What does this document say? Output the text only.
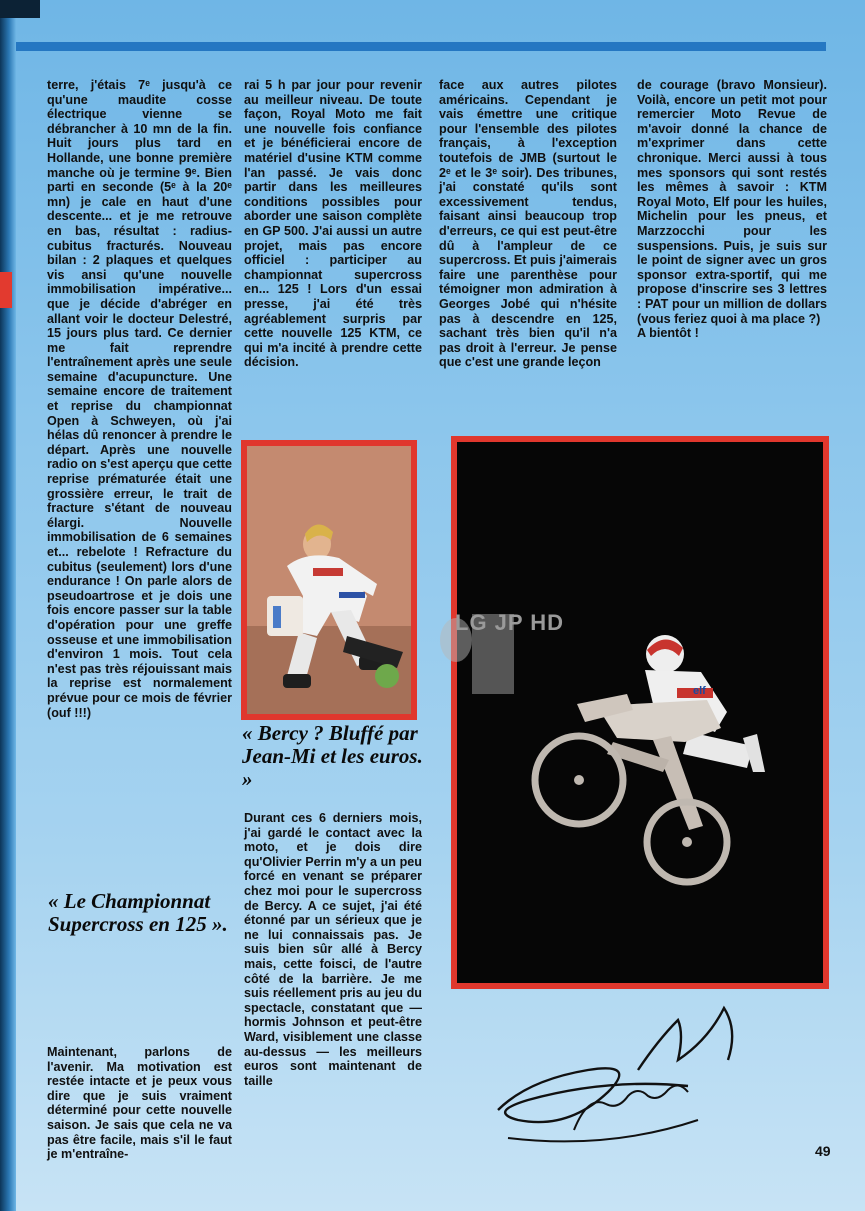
terre, j'étais 7ᵉ jusqu'à ce qu'une maudite cosse électrique vienne se débrancher à 10 mn de la fin. Huit jours plus tard en Hollande, une bonne première manche où je termine 9ᵉ. Bien parti en seconde (5ᵉ à la 20ᵉ mn) je cale en haut d'une descente... et je me retrouve en bas, résultat : radius-cubitus fracturés. Nouveau bilan : 2 plaques et quelques vis ansi qu'une nouvelle immobilisation impérative... que je décide d'abréger en allant voir le docteur Delestré, 15 jours plus tard. Ce dernier me fait reprendre l'entraînement après une seule semaine d'acupuncture. Une semaine encore de traitement et reprise du championnat Open à Schweyen, où j'ai hélas dû renoncer à prendre le départ. Après une nouvelle radio on s'est aperçu que cette reprise prématurée était une grossière erreur, le trait de fracture s'étant de nouveau élargi. Nouvelle immobilisation de 6 semaines et... rebelote ! Refracture du cubitus (seulement) lors d'une endurance ! On parle alors de pseudoartrose et je dois une fois encore passer sur la table d'opération pour une greffe osseuse et une immobilisation d'environ 1 mois. Tout cela n'est pas très réjouissant mais la reprise est normalement prévue pour ce mois de février (ouf !!!)

« Le Championnat Supercross en 125 ».

Maintenant, parlons de l'avenir. Ma motivation est restée intacte et je peux vous dire que je suis vraiment déterminé pour cette nouvelle saison. Je sais que cela ne va pas être facile, mais s'il le faut je m'entraîne-

rai 5 h par jour pour revenir au meilleur niveau. De toute façon, Royal Moto me fait une nouvelle fois confiance et je bénéficierai encore de matériel d'usine KTM comme l'an passé. Je vais donc partir dans les meilleures conditions possibles pour aborder une saison complète en GP 500. J'ai aussi un autre projet, mais pas encore officiel : participer au championnat supercross en... 125 ! Lors d'un essai presse, j'ai été très agréablement surpris par cette nouvelle 125 KTM, ce qui m'a incité à prendre cette décision.

« Bercy ? Bluffé par Jean-Mi et les euros. »

Durant ces 6 derniers mois, j'ai gardé le contact avec la moto, et je dois dire qu'Olivier Perrin m'y a un peu forcé en venant se préparer chez moi pour le supercross de Bercy. A ce sujet, j'ai été étonné par un sérieux que je ne lui connaissais pas. Je suis bien sûr allé à Bercy mais, cette foisci, de l'autre côté de la barrière. Je me suis réellement pris au jeu du spectacle, constatant que — hormis Johnson et peut-être Ward, visiblement une classe au-dessus — les meilleurs euros sont maintenant de taille

face aux autres pilotes américains. Cependant je vais émettre une critique pour l'ensemble des pilotes français, à l'exception toutefois de JMB (surtout le 2ᵉ et le 3ᵉ soir). Des tribunes, j'ai constaté qu'ils sont excessivement tendus, faisant ainsi beaucoup trop d'erreurs, ce qui est peut-être dû à l'ampleur de ce supercross. Et puis j'aimerais faire une parenthèse pour témoigner mon admiration à Georges Jobé qui n'hésite pas à descendre en 125, sachant très bien qu'il n'a pas droit à l'erreur. Je pense que c'est une grande leçon

de courage (bravo Monsieur). Voilà, encore un petit mot pour remercier Moto Revue de m'avoir donné la chance de m'exprimer dans cette chronique. Merci aussi à tous mes sponsors qui sont restés les mêmes à savoir : KTM Royal Moto, Elf pour les huiles, Michelin pour les pneus, et Marzzocchi pour les suspensions. Puis, je suis sur le point de signer avec un gros sponsor extra-sportif, qui me propose d'inscrire ses 3 lettres : PAT pour un million de dollars (vous feriez quoi à ma place ?)

A bientôt !

elf
LG JP HD
49
